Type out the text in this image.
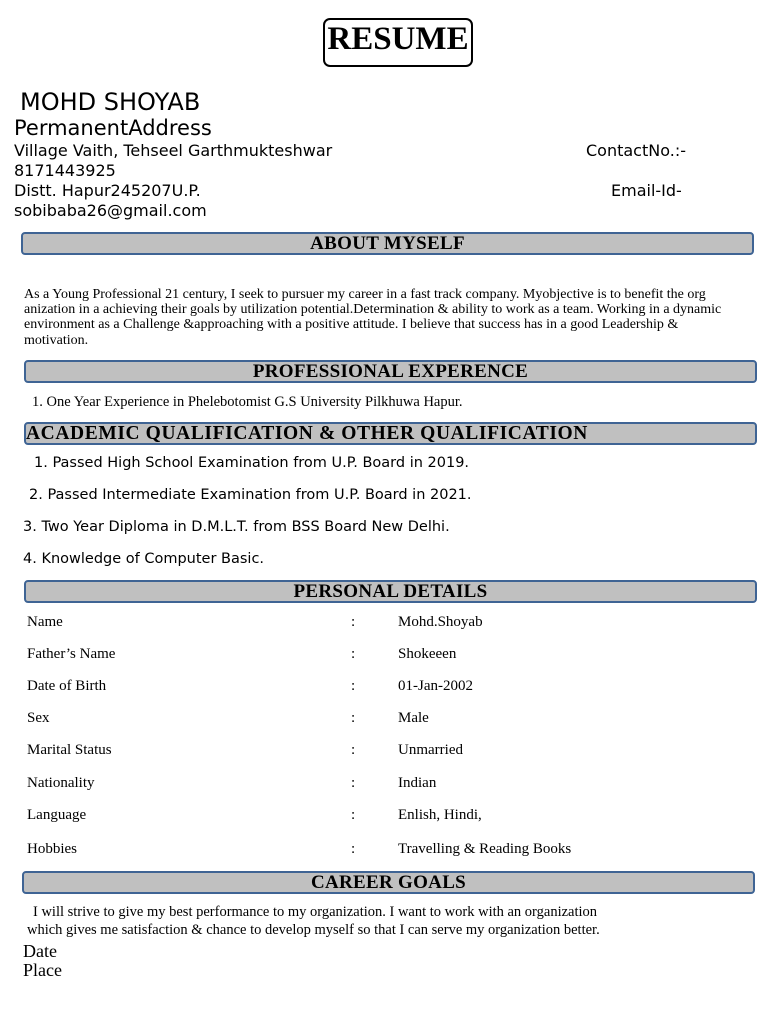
RESUME
MOHD SHOYAB
PermanentAddress
Village Vaith, Tehseel Garthmukteshwar	ContactNo.:-
8171443925
Distt. Hapur245207U.P.	Email-Id-
sobibaba26@gmail.com
ABOUT MYSELF
As a Young Professional 21 century, I seek to pursuer my career in a fast track company. Myobjective is to benefit the org
anization in a achieving their goals by utilization potential.Determination & ability to work as a team. Working in a dynamic
environment as a Challenge &approaching with a positive attitude. I believe that success has in a good Leadership &
motivation.
PROFESSIONAL EXPERENCE
1. One Year Experience in Phelebotomist G.S University Pilkhuwa Hapur.
ACADEMIC QUALIFICATION & OTHER QUALIFICATION
1. Passed High School Examination from U.P. Board in 2019.
2. Passed Intermediate Examination from U.P. Board in 2021.
3. Two Year Diploma in D.M.L.T. from BSS Board New Delhi.
4. Knowledge of Computer Basic.
PERSONAL DETAILS
Name	:	Mohd.Shoyab
Father’s Name	:	Shokeeen
Date of Birth	:	01-Jan-2002
Sex	:	Male
Marital Status	:	Unmarried
Nationality	:	Indian
Language	:	Enlish, Hindi,
Hobbies	:	Travelling & Reading Books
CAREER GOALS
I will strive to give my best performance to my organization. I want to work with an organization
which gives me satisfaction & chance to develop myself so that I can serve my organization better.
Date
Place
